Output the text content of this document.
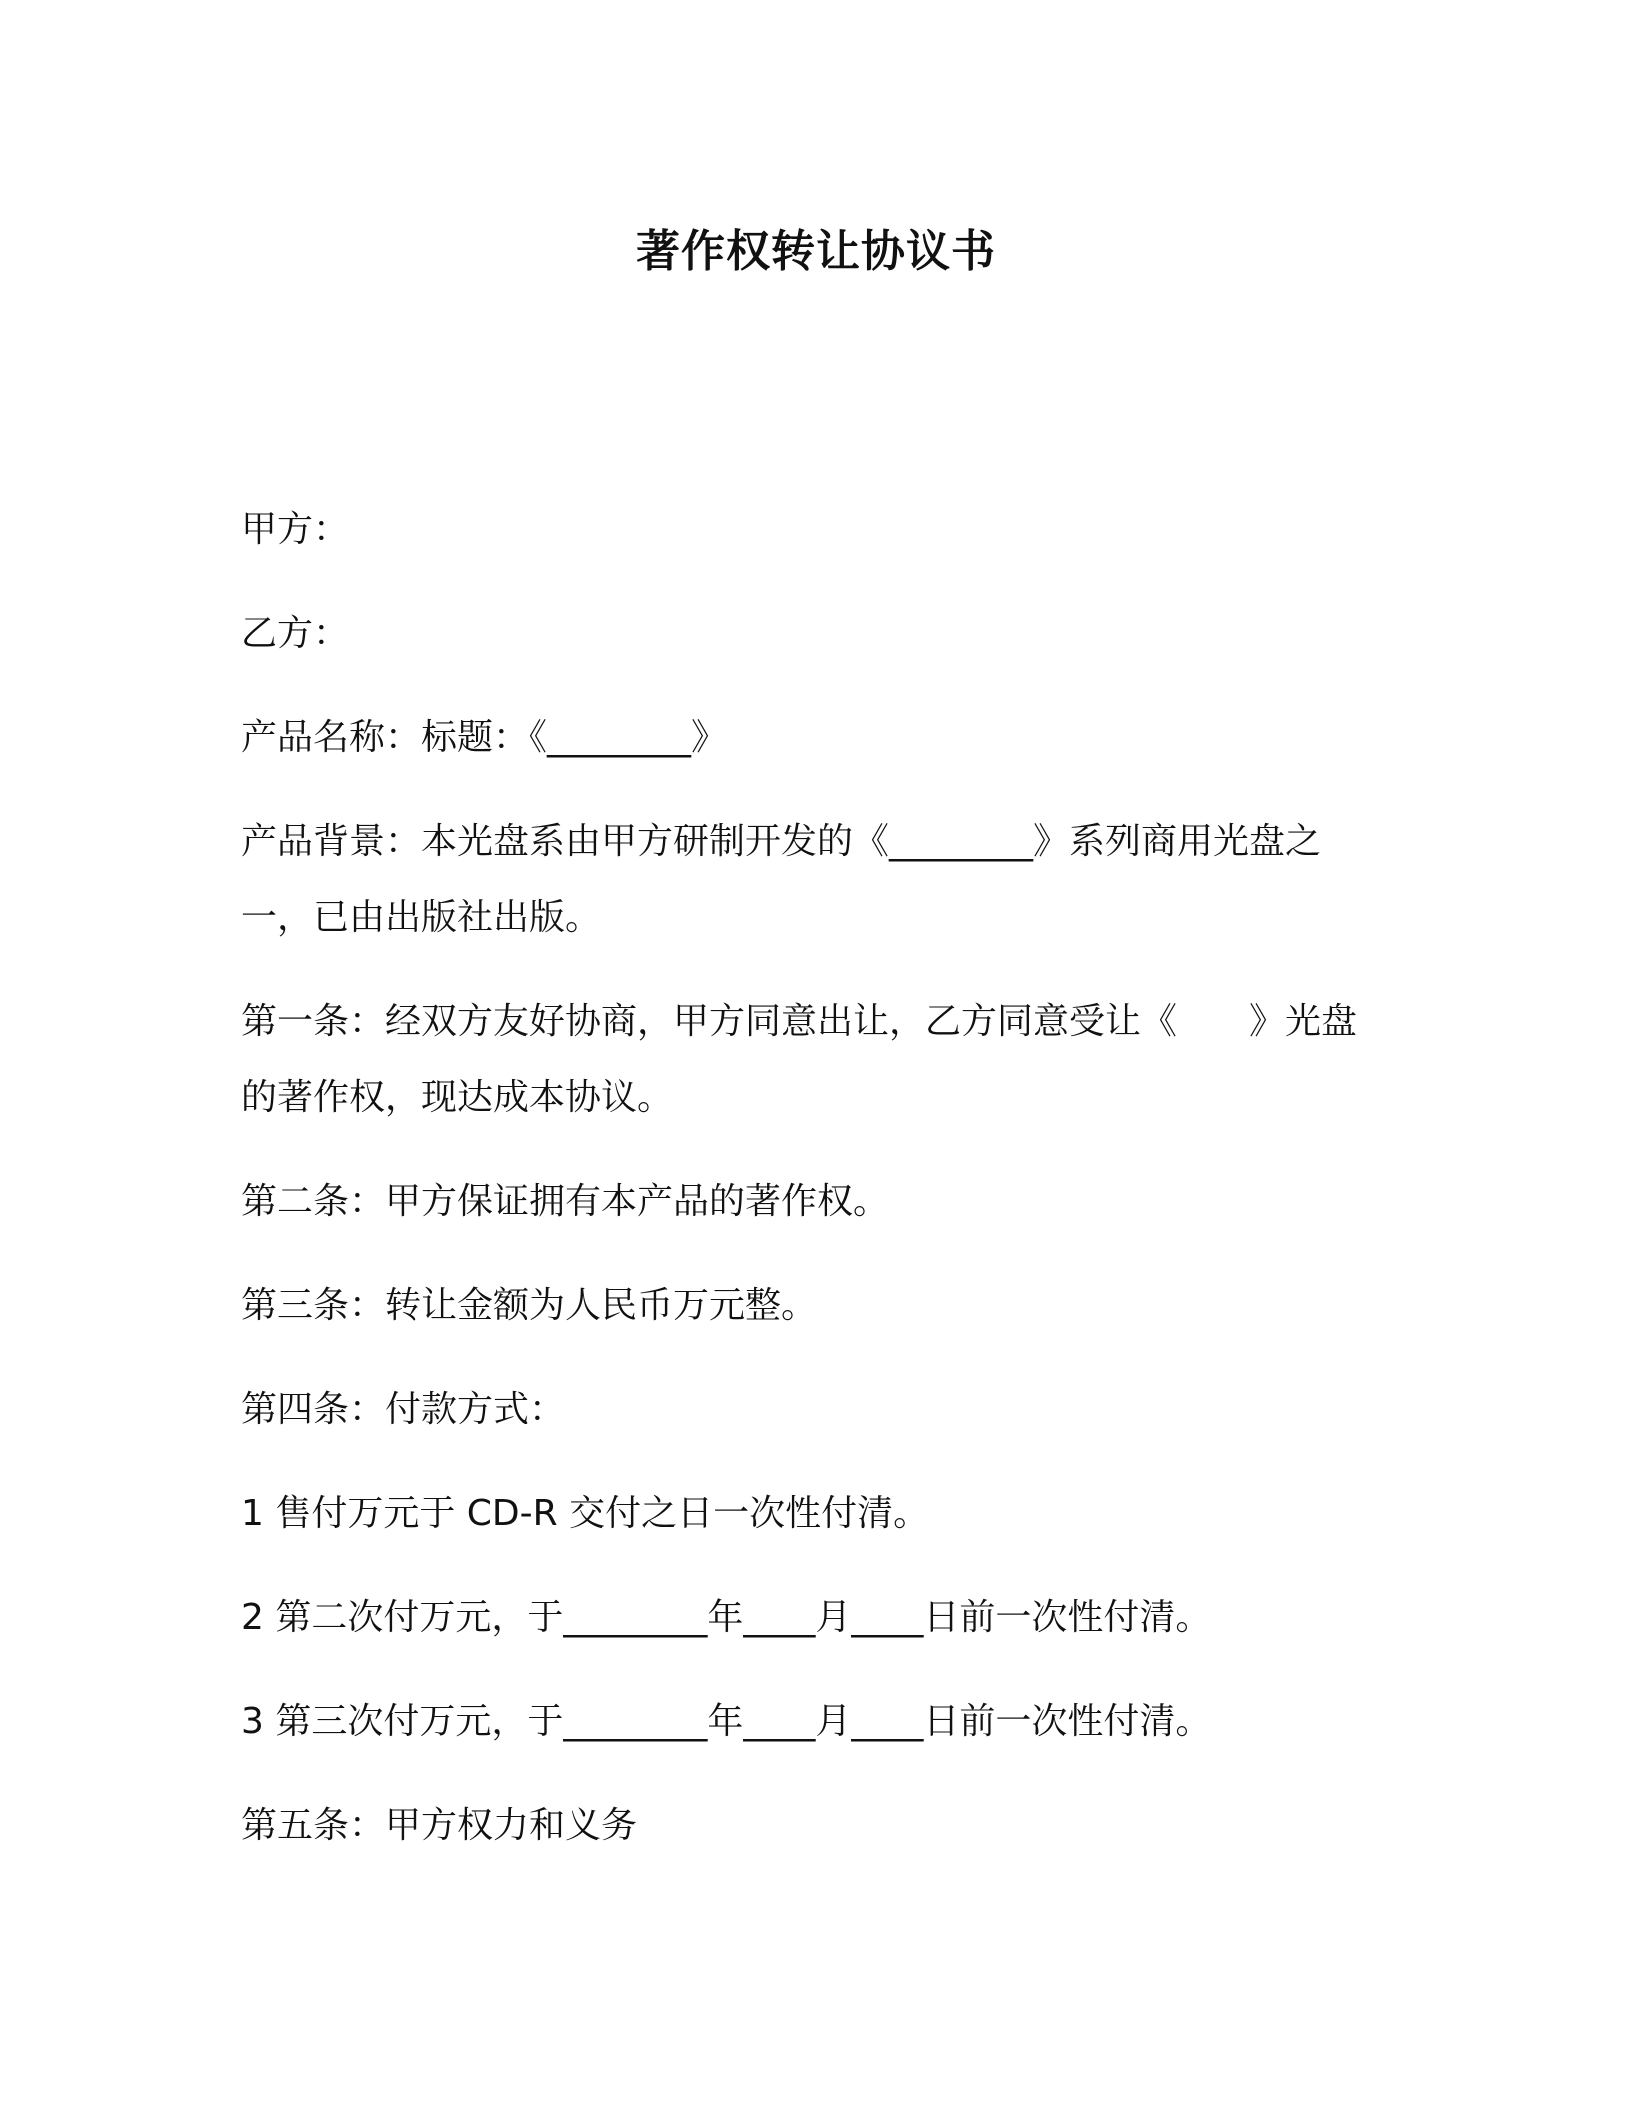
著作权转让协议书

甲方：

乙方：

产品名称：标题：《________》

产品背景：本光盘系由甲方研制开发的《________》系列商用光盘之一，已由出版社出版。

第一条：经双方友好协商，甲方同意出让，乙方同意受让《　　》光盘的著作权，现达成本协议。

第二条：甲方保证拥有本产品的著作权。

第三条：转让金额为人民币万元整。

第四条：付款方式：

1 售付万元于 CD-R 交付之日一次性付清。

2 第二次付万元，于________年____月____日前一次性付清。

3 第三次付万元，于________年____月____日前一次性付清。

第五条：甲方权力和义务
